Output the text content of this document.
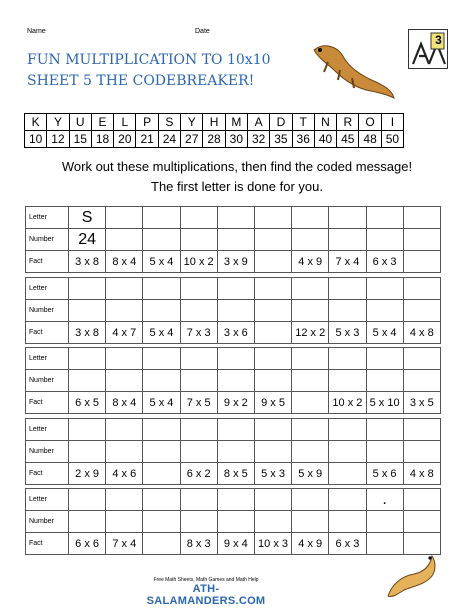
Name	Date
FUN MULTIPLICATION TO 10x10
SHEET 5 THE CODEBREAKER!
3
K	Y	U	E	L	P	S	Y	H	M	A	D	T	N	R	O	I
10	12	15	18	20	21	24	27	28	30	32	35	36	40	45	48	50
Work out these multiplications, then find the coded message!
The first letter is done for you.
Letter	S									
Number	24									
Fact	3 x 8	8 x 4	5 x 4	10 x 2	3 x 9		4 x 9	7 x 4	6 x 3	
Letter										
Number										
Fact	3 x 8	4 x 7	5 x 4	7 x 3	3 x 6		12 x 2	5 x 3	5 x 4	4 x 8
Letter										
Number										
Fact	6 x 5	8 x 4	5 x 4	7 x 5	9 x 2	9 x 5		10 x 2	5 x 10	3 x 5
Letter										
Number										
Fact	2 x 9	4 x 6		6 x 2	8 x 5	5 x 3	5 x 9		5 x 6	4 x 8
Letter									.	
Number										
Fact	6 x 6	7 x 4		8 x 3	9 x 4	10 x 3	4 x 9	6 x 3		
Free Math Sheets, Math Games and Math Help
ATH-SALAMANDERS.COM
